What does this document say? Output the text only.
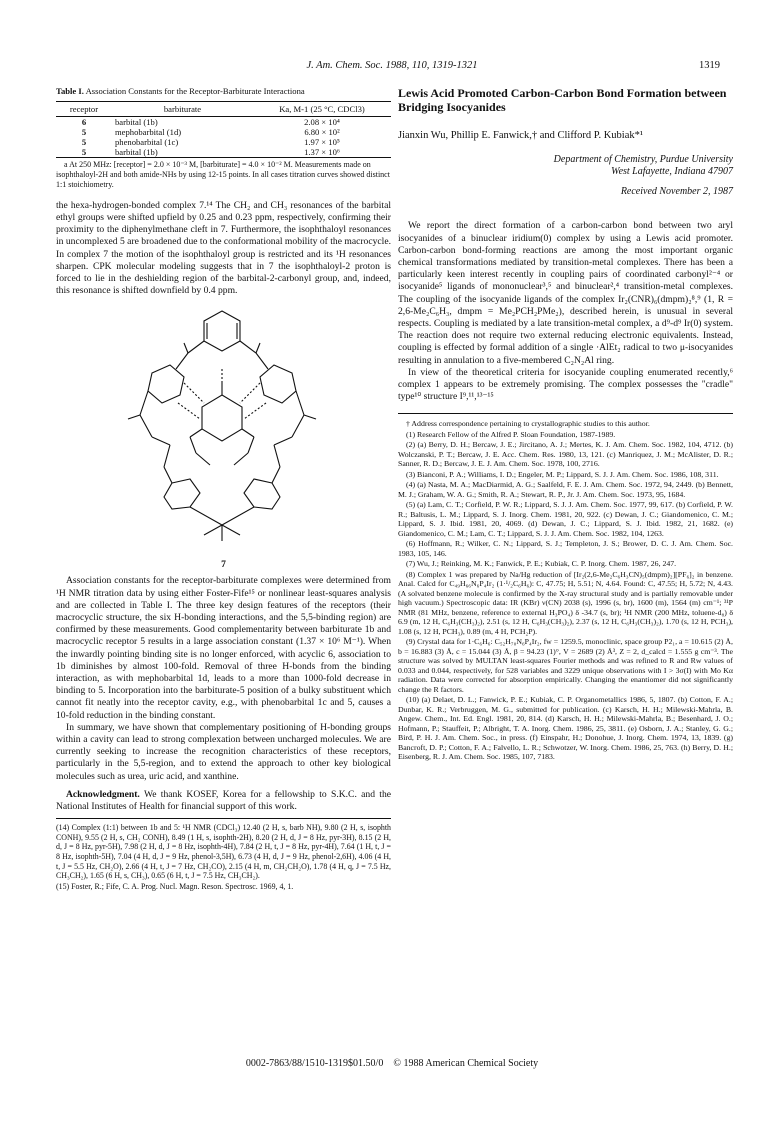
J. Am. Chem. Soc. 1988, 110, 1319-1321	1319
Table I. Association Constants for the Receptor-Barbiturate Interactiona
receptor	barbiturate	Ka, M-1 (25 °C, CDCl3)
6	barbital (1b)	2.08 × 10⁴
5	mephobarbital (1d)	6.80 × 10²
5	phenobarbital (1c)	1.97 × 10⁵
5	barbital (1b)	1.37 × 10⁶
a At 250 MHz: [receptor] = 2.0 × 10⁻³ M, [barbiturate] = 4.0 × 10⁻² M. Measurements made on isophthaloyl-2H and both amide-NHs by using 12-15 points. In all cases titration curves showed distinct 1:1 stoichiometry.

the hexa-hydrogen-bonded complex 7.¹⁴ The CH₂ and CH₃ resonances of the barbital ethyl groups were shifted upfield by 0.25 and 0.23 ppm, respectively, confirming their proximity to the diphenylmethane cleft in 7. Furthermore, the isophthaloyl resonances in uncomplexed 5 are broadened due to the conformational mobility of the macrocycle. In complex 7 the motion of the isophthaloyl group is restricted and its ¹H resonances sharpen. CPK molecular modeling suggests that in 7 the isophthaloyl-2 proton is forced to lie in the deshielding region of the barbital-2-carbonyl group, and, indeed, this resonance is shifted downfield by 0.4 ppm.

7

Association constants for the receptor-barbiturate complexes were determined from ¹H NMR titration data by using either Foster-Fife¹⁵ or nonlinear least-squares analysis and are collected in Table I. The three key design features of the receptors (their macrocyclic structure, the six H-bonding interactions, and the 5,5-binding region) are confirmed by these measurements. Good complementarity between barbiturate 1b and macrocyclic receptor 5 results in a large association constant (1.37 × 10⁶ M⁻¹). When the inwardly pointing binding site is no longer enforced, with acyclic 6, association to 1b diminishes by almost 100-fold. Removal of three H-bonds from the binding interaction, as with mephobarbital 1d, leads to a more than 1000-fold decrease in binding to 5. Incorporation into the barbiturate-5 position of a bulky substituent which cannot fit neatly into the receptor cavity, e.g., with phenobarbital 1c and 5, causes a 10-fold reduction in the binding constant.

In summary, we have shown that complementary positioning of H-bonding groups within a cavity can lead to strong complexation between uncharged molecules. We are currently seeking to increase the recognition characteristics of these receptors, particularly in the 5,5-region, and to extend the approach to other key biological molecules such as urea, uric acid, and xanthine.

Acknowledgment. We thank KOSEF, Korea for a fellowship to S.K.C. and the National Institutes of Health for financial support of this work.

(14) Complex (1:1) between 1b and 5: ¹H NMR (CDCl₃) 12.40 (2 H, s, barb NH), 9.80 (2 H, s, isophth CONH), 9.55 (2 H, s, CH₂ CONH), 8.49 (1 H, s, isophth-2H), 8.20 (2 H, d, J = 8 Hz, pyr-3H), 8.15 (2 H, d, J = 8 Hz, pyr-5H), 7.98 (2 H, d, J = 8 Hz, isophth-4H), 7.84 (2 H, t, J = 8 Hz, pyr-4H), 7.64 (1 H, t, J = 8 Hz, isophth-5H), 7.04 (4 H, d, J = 9 Hz, phenol-3,5H), 6.73 (4 H, d, J = 9 Hz, phenol-2,6H), 4.06 (4 H, t, J = 5.5 Hz, CH₂O), 2.66 (4 H, t, J = 7 Hz, CH₂CO), 2.15 (4 H, m, CH₂CH₂O), 1.78 (4 H, q, J = 7.5 Hz, CH₃CH₂), 1.65 (6 H, s, CH₃), 0.65 (6 H, t, J = 7.5 Hz, CH₃CH₂).

(15) Foster, R.; Fife, C. A. Prog. Nucl. Magn. Reson. Spectrosc. 1969, 4, 1.

Lewis Acid Promoted Carbon-Carbon Bond Formation between Bridging Isocyanides
Jianxin Wu, Phillip E. Fanwick,† and Clifford P. Kubiak*¹
Department of Chemistry, Purdue University
West Lafayette, Indiana 47907
Received November 2, 1987

We report the direct formation of a carbon-carbon bond between two aryl isocyanides of a binuclear iridium(0) complex by using a Lewis acid promoter. Carbon-carbon bond-forming reactions are among the most important organic chemical transformations mediated by transition-metal complexes. There has been a particularly keen interest recently in coupling pairs of coordinated carbonyl²⁻⁴ or isocyanide⁵ ligands of mononuclear³,⁵ and binuclear²,⁴ transition-metal complexes. The coupling of the isocyanide ligands of the complex Ir₂(CNR)₆(dmpm)₂⁸,⁹ (1, R = 2,6-Me₂C₆H₃, dmpm = Me₂PCH₂PMe₂), described herein, is unusual in several respects. Coupling is mediated by a late transition-metal complex, a d⁹-d⁹ Ir(0) system. The reaction does not require two external reducing electronic equivalents. Instead, coupling is effected by formal addition of a single ·AlEt₂ radical to two μ-isocyanides resulting in annulation to a five-membered C₂N₂Al ring.

In view of the theoretical criteria for isocyanide coupling enumerated recently,⁶ complex 1 appears to be extremely promising. The complex possesses the "cradle" type¹⁰ structure I⁹,¹¹,¹³⁻¹⁵

† Address correspondence pertaining to crystallographic studies to this author.

(1) Research Fellow of the Alfred P. Sloan Foundation, 1987-1989.

(2) (a) Berry, D. H.; Bercaw, J. E.; Jircitano, A. J.; Mertes, K. J. Am. Chem. Soc. 1982, 104, 4712. (b) Wolczanski, P. T.; Bercaw, J. E. Acc. Chem. Res. 1980, 13, 121. (c) Manriquez, J. M.; McAlister, D. R.; Sanner, R. D.; Bercaw, J. E. J. Am. Chem. Soc. 1978, 100, 2716.

(3) Bianconi, P. A.; Williams, I. D.; Engeler, M. P.; Lippard, S. J. J. Am. Chem. Soc. 1986, 108, 311.

(4) (a) Nasta, M. A.; MacDiarmid, A. G.; Saalfeld, F. E. J. Am. Chem. Soc. 1972, 94, 2449. (b) Bennett, M. J.; Graham, W. A. G.; Smith, R. A.; Stewart, R. P., Jr. J. Am. Chem. Soc. 1973, 95, 1684.

(5) (a) Lam, C. T.; Corfield, P. W. R.; Lippard, S. J. J. Am. Chem. Soc. 1977, 99, 617. (b) Corfield, P. W. R.; Baltusis, L. M.; Lippard, S. J. Inorg. Chem. 1981, 20, 922. (c) Dewan, J. C.; Giandomenico, C. M.; Lippard, S. J. Ibid. 1981, 20, 4069. (d) Dewan, J. C.; Lippard, S. J. Ibid. 1982, 21, 1682. (e) Giandomenico, C. M.; Lam, C. T.; Lippard, S. J. J. Am. Chem. Soc. 1982, 104, 1263.

(6) Hoffmann, R.; Wilker, C. N.; Lippard, S. J.; Templeton, J. S.; Brower, D. C. J. Am. Chem. Soc. 1983, 105, 146.

(7) Wu, J.; Reinking, M. K.; Fanwick, P. E.; Kubiak, C. P. Inorg. Chem. 1987, 26, 247.

(8) Complex 1 was prepared by Na/Hg reduction of [Ir₂(2,6-Me₂C₆H₃CN)₅(dmpm)₂][PF₆]₂ in benzene. Anal. Calcd for C₄₉H₆₆N₆P₄Ir₂ (1·¹/₂C₆H₆): C, 47.75; H, 5.51; N, 4.64. Found: C, 47.55; H, 5.72; N, 4.43. (A solvated benzene molecule is confirmed by the X-ray structural study and is partially removable under high vacuum.) Spectroscopic data: IR (KBr) ν(CN) 2038 (s), 1996 (s, br), 1600 (m), 1564 (m) cm⁻¹; ³¹P NMR (81 MHz, benzene, reference to external H₃PO₄) δ -34.7 (s, br); ¹H NMR (200 MHz, toluene-d₈) δ 6.9 (m, 12 H, C₆H₃(CH₃)₂), 2.51 (s, 12 H, C₆H₃(CH₃)₂), 2.37 (s, 12 H, C₆H₃(CH₃)₂), 1.70 (s, 12 H, PCH₃), 1.08 (s, 12 H, PCH₃), 0.89 (m, 4 H, PCH₂P).

(9) Crystal data for 1·C₆H₆: C₅₂H₇₀N₆P₄Ir₂, fw = 1259.5, monoclinic, space group P2₁, a = 10.615 (2) Å, b = 16.883 (3) Å, c = 15.044 (3) Å, β = 94.23 (1)°, V = 2689 (2) Å³, Z = 2, d_calcd = 1.555 g cm⁻³. The structure was solved by MULTAN least-squares Fourier methods and was refined to R and Rw values of 0.033 and 0.044, respectively, for 528 variables and 3229 unique observations with I > 3σ(I) with Mo Kα radiation. Data were corrected for absorption empirically. Changing the enantiomer did not significantly change the R factors.

(10) (a) Delaet, D. L.; Fanwick, P. E.; Kubiak, C. P. Organometallics 1986, 5, 1807. (b) Cotton, F. A.; Dunbar, K. R.; Verbruggen, M. G., submitted for publication. (c) Karsch, H. H.; Milewski-Mahrla, B. Angew. Chem., Int. Ed. Engl. 1981, 20, 814. (d) Karsch, H. H.; Milewski-Mahrla, B.; Besenhard, J. O.; Hofmann, P.; Stauffeit, P.; Albright, T. A. Inorg. Chem. 1986, 25, 3811. (e) Osborn, J. A.; Stanley, G. G.; Bird, P. H. J. Am. Chem. Soc., in press. (f) Einspahr, H.; Donohue, J. Inorg. Chem. 1974, 13, 1839. (g) Bancroft, D. P.; Cotton, F. A.; Falvello, L. R.; Schwotzer, W. Inorg. Chem. 1986, 25, 763. (h) Berry, D. H.; Eisenberg, R. J. Am. Chem. Soc. 1985, 107, 7183.

0002-7863/88/1510-1319$01.50/0 © 1988 American Chemical Society
